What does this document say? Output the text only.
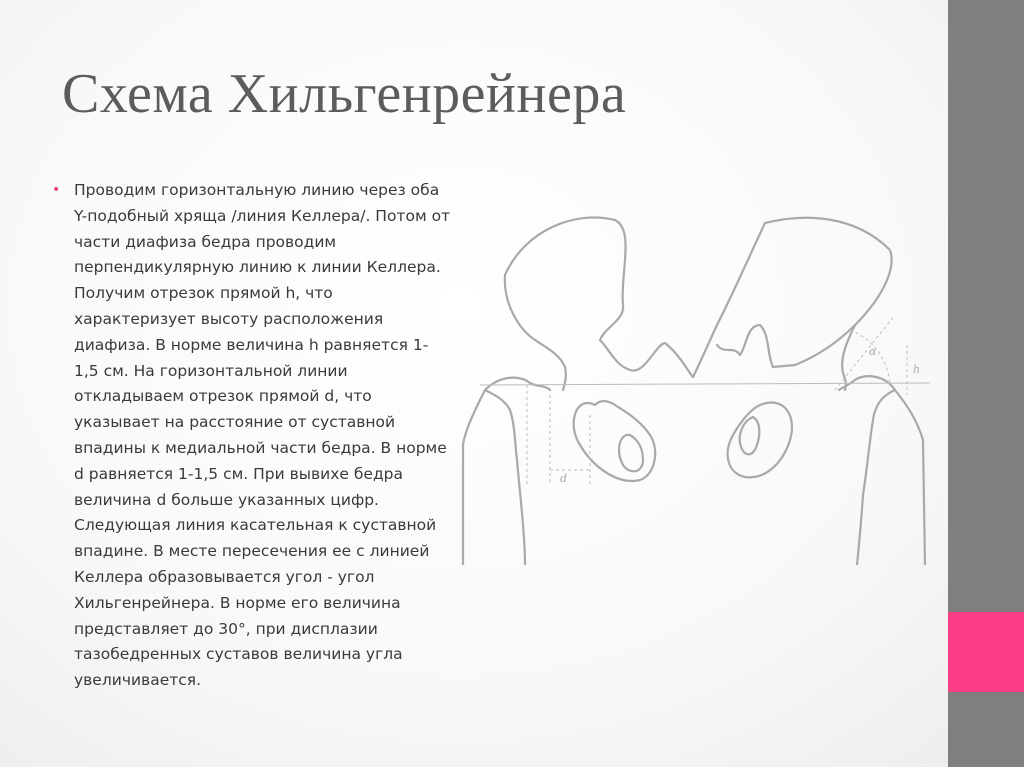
Схема Хильгенрейнера
• Проводим горизонтальную линию через оба Y-подобный хряща /линия Келлера/. Потом от части диафиза бедра проводим перпендикулярную линию к линии Келлера. Получим отрезок прямой h, что характеризует высоту расположения диафиза. В норме величина h равняется 1-1,5 см. На горизонтальной линии откладываем отрезок прямой d, что указывает на расстояние от суставной впадины к медиальной части бедра. В норме d равняется 1-1,5 см. При вывихе бедра величина d больше указанных цифр. Следующая линия касательная к суставной впадине. В месте пересечения ее с линией Келлера образовывается угол - угол Хильгенрейнера. В норме его величина представляет до 30°, при дисплазии тазобедренных суставов величина угла увеличивается.
α
h
d
